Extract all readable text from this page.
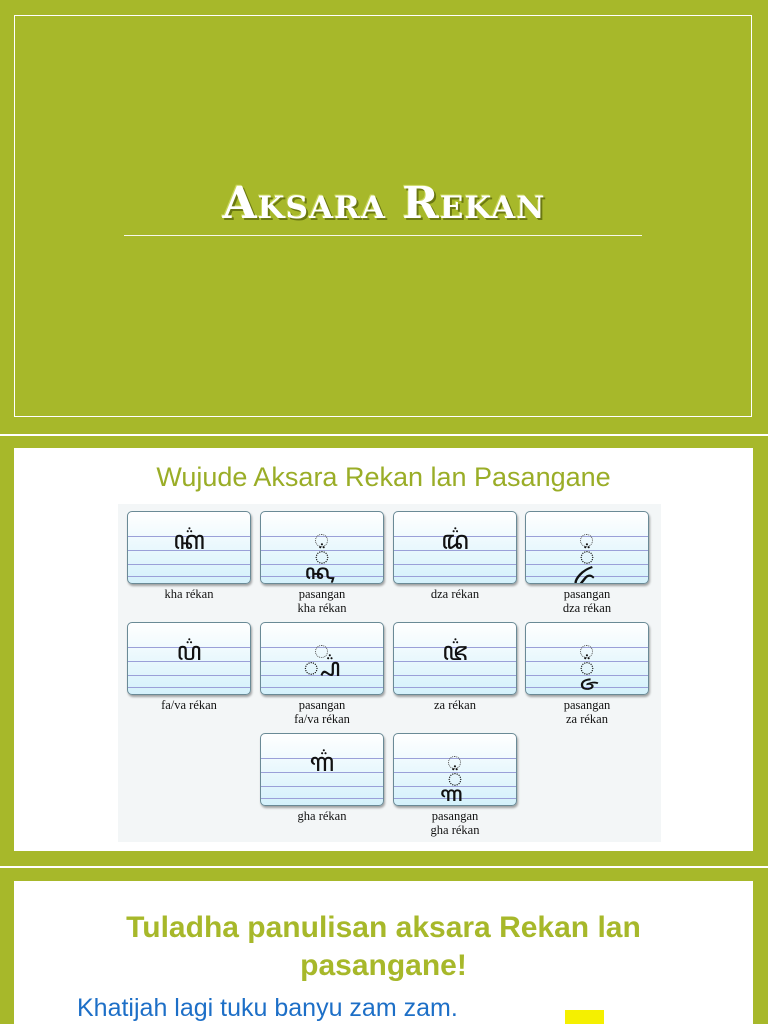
Aksara Rekan
Wujude Aksara Rekan lan Pasangane
ꦏ꦳
kha rékan
꧀ꦏ꦳
pasangan
kha rékan
ꦢ꦳
dza rékan
꧀ꦢ꦳
pasangan
dza rékan
ꦥ꦳
fa/va rékan
꧀ꦥ꦳
pasangan
fa/va rékan
ꦗ꦳
za rékan
꧀ꦗ꦳
pasangan
za rékan
ꦒ꦳
gha rékan
꧀ꦒ꦳
pasangan
gha rékan
Tuladha panulisan aksara Rekan lan
pasangane!
Khatijah lagi tuku banyu zam zam.
